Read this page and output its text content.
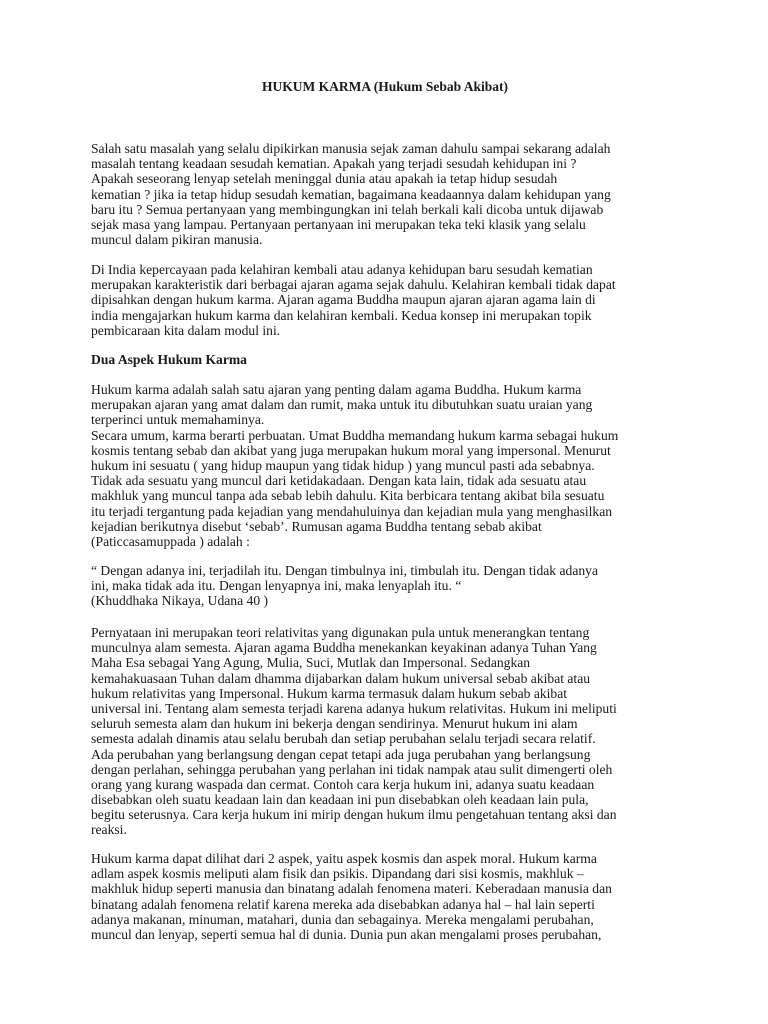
HUKUM KARMA (Hukum Sebab Akibat)
Salah satu masalah yang selalu dipikirkan manusia sejak zaman dahulu sampai sekarang adalah
masalah tentang keadaan sesudah kematian. Apakah yang terjadi sesudah kehidupan ini ?
Apakah seseorang lenyap setelah meninggal dunia atau apakah ia tetap hidup sesudah
kematian ? jika ia tetap hidup sesudah kematian, bagaimana keadaannya dalam kehidupan yang
baru itu ? Semua pertanyaan yang membingungkan ini telah berkali kali dicoba untuk dijawab
sejak masa yang lampau. Pertanyaan pertanyaan ini merupakan teka teki klasik yang selalu
muncul dalam pikiran manusia.
Di India kepercayaan pada kelahiran kembali atau adanya kehidupan baru sesudah kematian
merupakan karakteristik dari berbagai ajaran agama sejak dahulu. Kelahiran kembali tidak dapat
dipisahkan dengan hukum karma. Ajaran agama Buddha maupun ajaran ajaran agama lain di
india mengajarkan hukum karma dan kelahiran kembali. Kedua konsep ini merupakan topik
pembicaraan kita dalam modul ini.
Dua Aspek Hukum Karma
Hukum karma adalah salah satu ajaran yang penting dalam agama Buddha. Hukum karma
merupakan ajaran yang amat dalam dan rumit, maka untuk itu dibutuhkan suatu uraian yang
terperinci untuk memahaminya.
Secara umum, karma berarti perbuatan. Umat Buddha memandang hukum karma sebagai hukum
kosmis tentang sebab dan akibat yang juga merupakan hukum moral yang impersonal. Menurut
hukum ini sesuatu ( yang hidup maupun yang tidak hidup ) yang muncul pasti ada sebabnya.
Tidak ada sesuatu yang muncul dari ketidakadaan. Dengan kata lain, tidak ada sesuatu atau
makhluk yang muncul tanpa ada sebab lebih dahulu. Kita berbicara tentang akibat bila sesuatu
itu terjadi tergantung pada kejadian yang mendahuluinya dan kejadian mula yang menghasilkan
kejadian berikutnya disebut ‘sebab’. Rumusan agama Buddha tentang sebab akibat
(Paticcasamuppada ) adalah :
“ Dengan adanya ini, terjadilah itu. Dengan timbulnya ini, timbulah itu. Dengan tidak adanya
ini, maka tidak ada itu. Dengan lenyapnya ini, maka lenyaplah itu. “
(Khuddhaka Nikaya, Udana 40 )
Pernyataan ini merupakan teori relativitas yang digunakan pula untuk menerangkan tentang
munculnya alam semesta. Ajaran agama Buddha menekankan keyakinan adanya Tuhan Yang
Maha Esa sebagai Yang Agung, Mulia, Suci, Mutlak dan Impersonal. Sedangkan
kemahakuasaan Tuhan dalam dhamma dijabarkan dalam hukum universal sebab akibat atau
hukum relativitas yang Impersonal. Hukum karma termasuk dalam hukum sebab akibat
universal ini. Tentang alam semesta terjadi karena adanya hukum relativitas. Hukum ini meliputi
seluruh semesta alam dan hukum ini bekerja dengan sendirinya. Menurut hukum ini alam
semesta adalah dinamis atau selalu berubah dan setiap perubahan selalu terjadi secara relatif.
Ada perubahan yang berlangsung dengan cepat tetapi ada juga perubahan yang berlangsung
dengan perlahan, sehingga perubahan yang perlahan ini tidak nampak atau sulit dimengerti oleh
orang yang kurang waspada dan cermat. Contoh cara kerja hukum ini, adanya suatu keadaan
disebabkan oleh suatu keadaan lain dan keadaan ini pun disebabkan oleh keadaan lain pula,
begitu seterusnya. Cara kerja hukum ini mirip dengan hukum ilmu pengetahuan tentang aksi dan
reaksi.
Hukum karma dapat dilihat dari 2 aspek, yaitu aspek kosmis dan aspek moral. Hukum karma
adlam aspek kosmis meliputi alam fisik dan psikis. Dipandang dari sisi kosmis, makhluk –
makhluk hidup seperti manusia dan binatang adalah fenomena materi. Keberadaan manusia dan
binatang adalah fenomena relatif karena mereka ada disebabkan adanya hal – hal lain seperti
adanya makanan, minuman, matahari, dunia dan sebagainya. Mereka mengalami perubahan,
muncul dan lenyap, seperti semua hal di dunia. Dunia pun akan mengalami proses perubahan,
